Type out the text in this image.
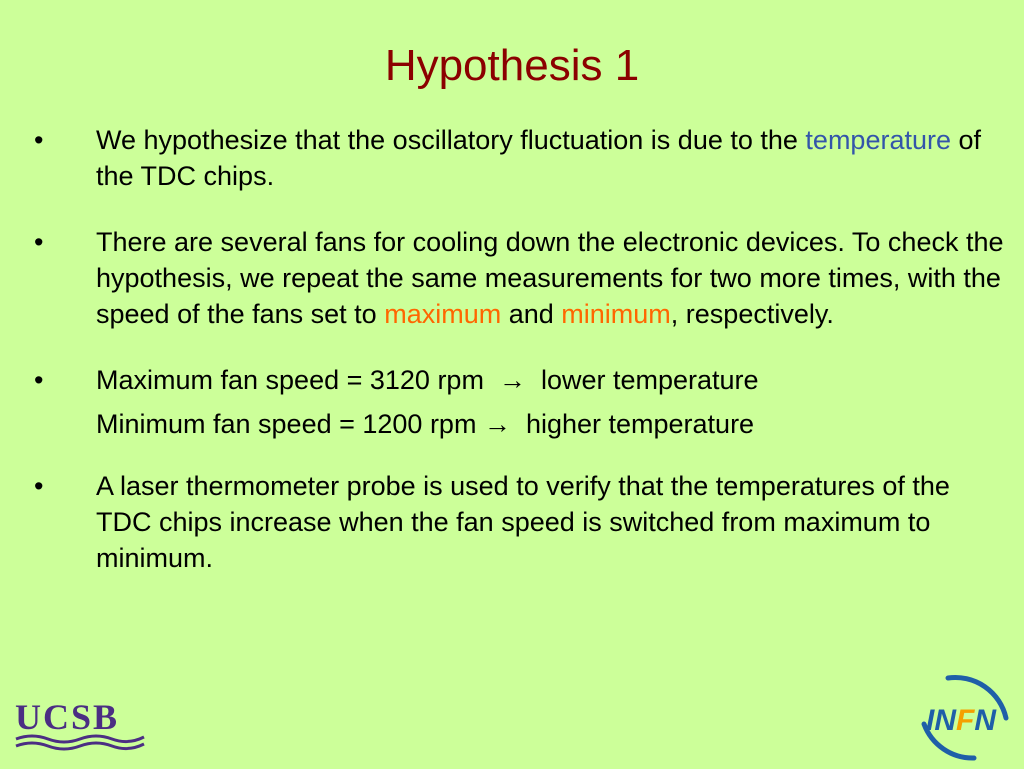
Hypothesis 1
•	We hypothesize that the oscillatory fluctuation is due to the temperature of the TDC chips.
•	There are several fans for cooling down the electronic devices. To check the hypothesis, we repeat the same measurements for two more times, with the speed of the fans set to maximum and minimum, respectively.
•	Maximum fan speed = 3120 rpm  →  lower temperature
Minimum fan speed = 1200 rpm →  higher temperature
•	A laser thermometer probe is used to verify that the temperatures of the TDC chips increase when the fan speed is switched from maximum to minimum.
UCSB	INFN
